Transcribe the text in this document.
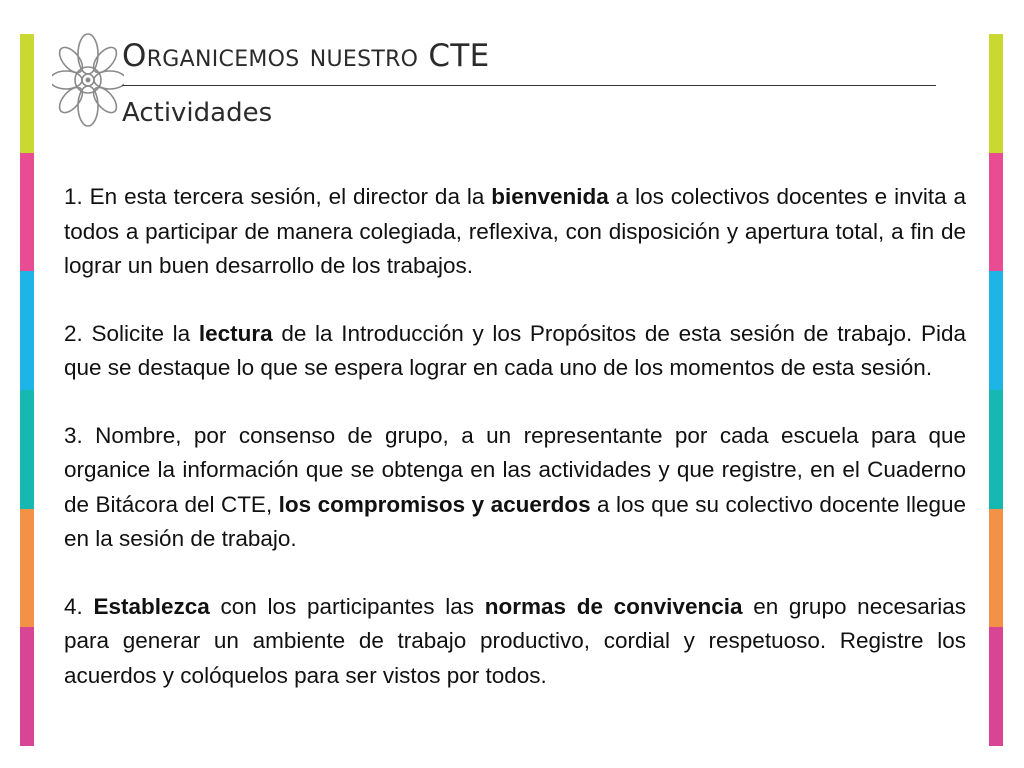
Organicemos nuestro CTE
Actividades

1. En esta tercera sesión, el director da la bienvenida a los colectivos docentes e invita a todos a participar de manera colegiada, reflexiva, con disposición y apertura total, a fin de lograr un buen desarrollo de los trabajos.

2. Solicite la lectura de la Introducción y los Propósitos de esta sesión de trabajo. Pida que se destaque lo que se espera lograr en cada uno de los momentos de esta sesión.

3. Nombre, por consenso de grupo, a un representante por cada escuela para que organice la información que se obtenga en las actividades y que registre, en el Cuaderno de Bitácora del CTE, los compromisos y acuerdos a los que su colectivo docente llegue en la sesión de trabajo.

4. Establezca con los participantes las normas de convivencia en grupo necesarias para generar un ambiente de trabajo productivo, cordial y respetuoso. Registre los acuerdos y colóquelos para ser vistos por todos.
